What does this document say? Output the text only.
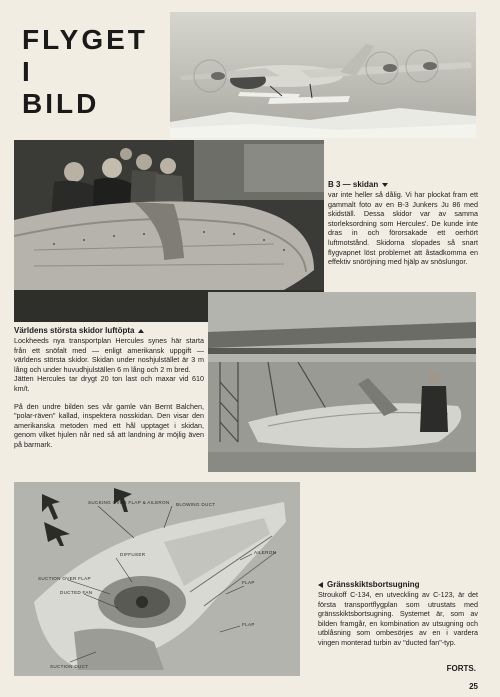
FLYGET
I
BILD
B 3 — skidan
var inte heller så dålig. Vi har plockat fram ett gammalt foto av en B-3 Junkers Ju 86 med skidställ. Dessa skidor var av samma storleksordning som Hercules'. De kunde inte dras in och förorsakade ett oerhört luftmotstånd. Skidorna slopades så snart flygvapnet löst problemet att åstadkomma en effektiv snöröjning med hjälp av snöslungor.
Världens största skidor luftöpta
Lockheeds nya transportplan Hercules synes här starta från ett snöfalt med — enligt amerikansk uppgift — världens största skidor. Skidan under noshjulstället är 3 m lång och under huvudhjulställen 6 m lång och 2 m bred.
Jätten Hercules tar drygt 20 ton last och maxar vid 610 km/t.
På den undre bilden ses vår gamle vän Bernt Balchen, "polar-räven" kallad, inspektera nosskidan. Den visar den amerikanska metoden med ett hål upptaget i skidan, genom vilket hjulen når ned så att landning är möjlig även på barmark.
SUCKING OVER FLAP & AILERON BLOWING DUCT
DIFFUSER	AILERON
SUCTION OVER FLAP
DUCTED FAN
FLAP
FLAP
SUCTION DUCT
Gränsskiktsbortsugning
Stroukoff C-134, en utveckling av C-123, är det första transportflygplan som utrustats med gränsskiktsbortsugning. Systemet är, som av bilden framgår, en kombination av utsugning och utblåsning som ombesörjes av en i vardera vingen monterad turbin av "ducted fan"-typ.
FORTS.
25
